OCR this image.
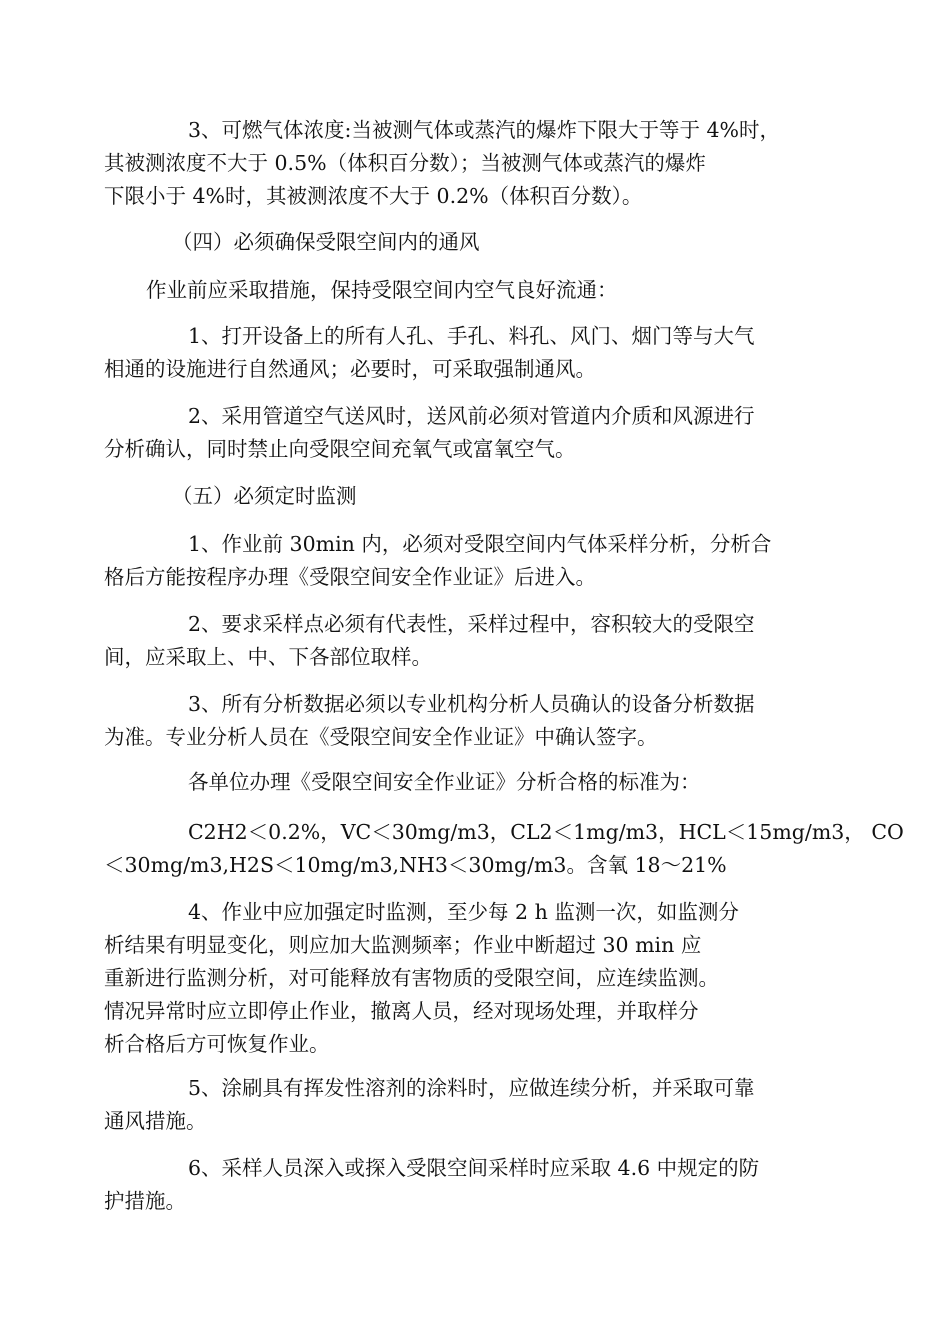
3、可燃气体浓度:当被测气体或蒸汽的爆炸下限大于等于 4%时，
其被测浓度不大于 0.5%（体积百分数）；当被测气体或蒸汽的爆炸
下限小于 4%时，其被测浓度不大于 0.2%（体积百分数）。
（四）必须确保受限空间内的通风
作业前应采取措施，保持受限空间内空气良好流通：
1、打开设备上的所有人孔、手孔、料孔、风门、烟门等与大气
相通的设施进行自然通风；必要时，可采取强制通风。
2、采用管道空气送风时，送风前必须对管道内介质和风源进行
分析确认，同时禁止向受限空间充氧气或富氧空气。
（五）必须定时监测
1、作业前 30min 内，必须对受限空间内气体采样分析，分析合
格后方能按程序办理《受限空间安全作业证》后进入。
2、要求采样点必须有代表性，采样过程中，容积较大的受限空
间，应采取上、中、下各部位取样。
3、所有分析数据必须以专业机构分析人员确认的设备分析数据
为准。专业分析人员在《受限空间安全作业证》中确认签字。
各单位办理《受限空间安全作业证》分析合格的标准为：
C2H2＜0.2%，VC＜30mg/m3，CL2＜1mg/m3，HCL＜15mg/m3， CO
＜30mg/m3,H2S＜10mg/m3,NH3＜30mg/m3。含氧 18～21%
4、作业中应加强定时监测，至少每 2 h 监测一次，如监测分
析结果有明显变化，则应加大监测频率；作业中断超过 30 min 应
重新进行监测分析，对可能释放有害物质的受限空间，应连续监测。
情况异常时应立即停止作业，撤离人员，经对现场处理，并取样分
析合格后方可恢复作业。
5、涂刷具有挥发性溶剂的涂料时，应做连续分析，并采取可靠
通风措施。
6、采样人员深入或探入受限空间采样时应采取 4.6 中规定的防
护措施。
